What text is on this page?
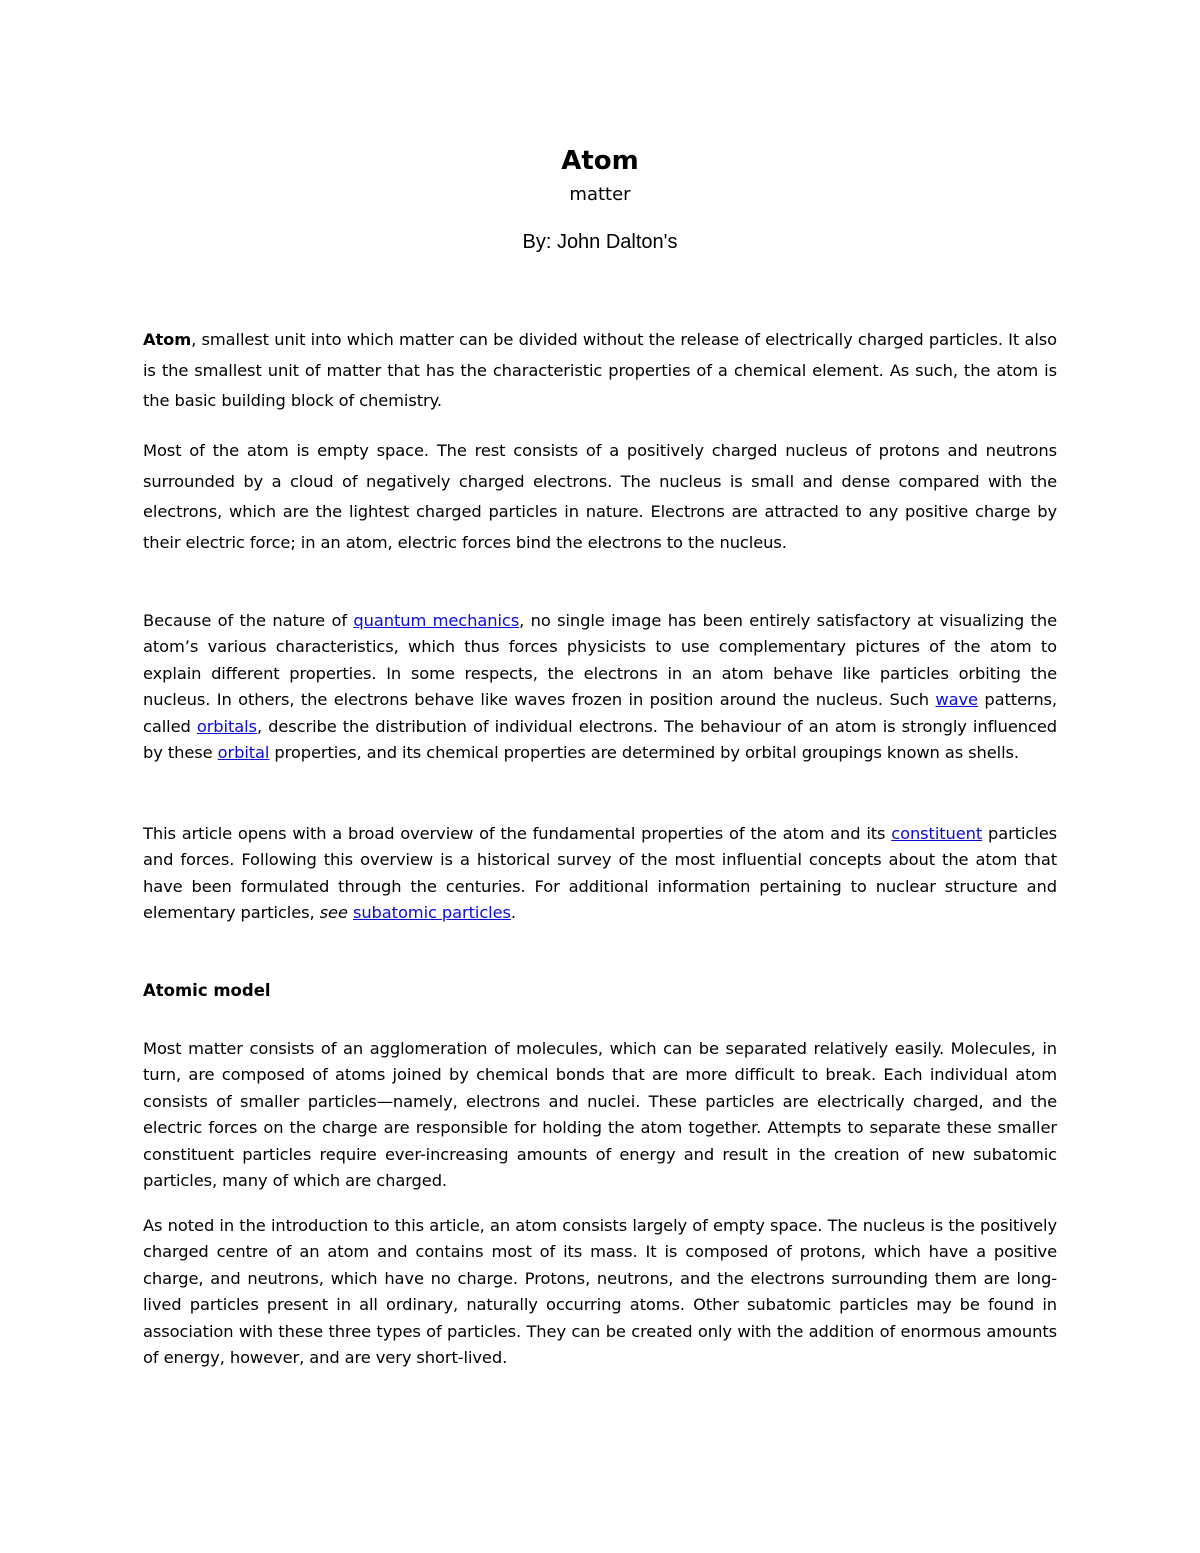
Atom
matter
By: John Dalton's

Atom, smallest unit into which matter can be divided without the release of electrically charged particles. It also is the smallest unit of matter that has the characteristic properties of a chemical element. As such, the atom is the basic building block of chemistry.

Most of the atom is empty space. The rest consists of a positively charged nucleus of protons and neutrons surrounded by a cloud of negatively charged electrons. The nucleus is small and dense compared with the electrons, which are the lightest charged particles in nature. Electrons are attracted to any positive charge by their electric force; in an atom, electric forces bind the electrons to the nucleus.

Because of the nature of quantum mechanics, no single image has been entirely satisfactory at visualizing the atom’s various characteristics, which thus forces physicists to use complementary pictures of the atom to explain different properties. In some respects, the electrons in an atom behave like particles orbiting the nucleus. In others, the electrons behave like waves frozen in position around the nucleus. Such wave patterns, called orbitals, describe the distribution of individual electrons. The behaviour of an atom is strongly influenced by these orbital properties, and its chemical properties are determined by orbital groupings known as shells.

This article opens with a broad overview of the fundamental properties of the atom and its constituent particles and forces. Following this overview is a historical survey of the most influential concepts about the atom that have been formulated through the centuries. For additional information pertaining to nuclear structure and elementary particles, see subatomic particles.

Atomic model

Most matter consists of an agglomeration of molecules, which can be separated relatively easily. Molecules, in turn, are composed of atoms joined by chemical bonds that are more difficult to break. Each individual atom consists of smaller particles—namely, electrons and nuclei. These particles are electrically charged, and the electric forces on the charge are responsible for holding the atom together. Attempts to separate these smaller constituent particles require ever-increasing amounts of energy and result in the creation of new subatomic particles, many of which are charged.

As noted in the introduction to this article, an atom consists largely of empty space. The nucleus is the positively charged centre of an atom and contains most of its mass. It is composed of protons, which have a positive charge, and neutrons, which have no charge. Protons, neutrons, and the electrons surrounding them are long-lived particles present in all ordinary, naturally occurring atoms. Other subatomic particles may be found in association with these three types of particles. They can be created only with the addition of enormous amounts of energy, however, and are very short-lived.
